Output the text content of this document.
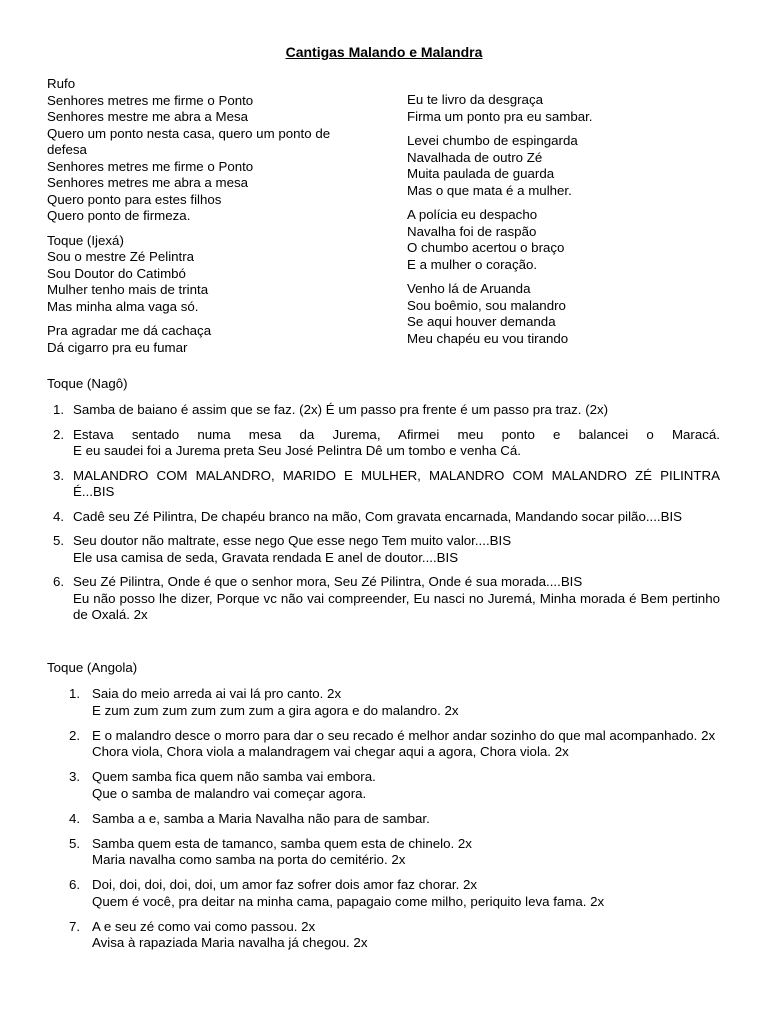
Cantigas Malando e Malandra
Rufo
Senhores metres me firme o Ponto
Senhores mestre me abra a Mesa
Quero um ponto nesta casa, quero um ponto de defesa
Senhores metres me firme o Ponto
Senhores metres me abra a mesa
Quero ponto para estes filhos
Quero ponto de firmeza.
Toque (Ijexá)
Sou o mestre Zé Pelintra
Sou Doutor do Catimbó
Mulher tenho mais de trinta
Mas minha alma vaga só.
Pra agradar me dá cachaça
Dá cigarro pra eu fumar
Eu te livro da desgraça
Firma um ponto pra eu sambar.
Levei chumbo de espingarda
Navalhada de outro Zé
Muita paulada de guarda
Mas o que mata é a mulher.
A polícia eu despacho
Navalha foi de raspão
O chumbo acertou o braço
E a mulher o coração.
Venho lá de Aruanda
Sou boêmio, sou malandro
Se aqui houver demanda
Meu chapéu eu vou tirando
Toque (Nagô)
1. Samba de baiano é assim que se faz. (2x) É um passo pra frente é um passo pra traz. (2x)
2. Estava sentado numa mesa da Jurema, Afirmei meu ponto e balancei o Maracá.
E eu saudei foi a Jurema preta Seu José Pelintra Dê um tombo e venha Cá.
3. MALANDRO COM MALANDRO, MARIDO E MULHER, MALANDRO COM MALANDRO ZÉ PILINTRA É...BIS
4. Cadê seu Zé Pilintra, De chapéu branco na mão, Com gravata encarnada, Mandando socar pilão....BIS
5. Seu doutor não maltrate, esse nego Que esse nego Tem muito valor....BIS
Ele usa camisa de seda, Gravata rendada E anel de doutor....BIS
6. Seu Zé Pilintra, Onde é que o senhor mora, Seu Zé Pilintra, Onde é sua morada....BIS
Eu não posso lhe dizer, Porque vc não vai compreender, Eu nasci no Juremá, Minha morada é Bem pertinho de Oxalá. 2x
Toque (Angola)
1. Saia do meio arreda ai vai lá pro canto. 2x
E zum zum zum zum zum zum a gira agora e do malandro. 2x
2. E o malandro desce o morro para dar o seu recado é melhor andar sozinho do que mal acompanhado. 2x
Chora viola, Chora viola a malandragem vai chegar aqui a agora, Chora viola. 2x
3. Quem samba fica quem não samba vai embora.
Que o samba de malandro vai começar agora.
4. Samba a e, samba a Maria Navalha não para de sambar.
5. Samba quem esta de tamanco, samba quem esta de chinelo. 2x
Maria navalha como samba na porta do cemitério. 2x
6. Doi, doi, doi, doi, doi, um amor faz sofrer dois amor faz chorar. 2x
Quem é você, pra deitar na minha cama, papagaio come milho, periquito leva fama. 2x
7. A e seu zé como vai como passou. 2x
Avisa à rapaziada Maria navalha já chegou. 2x
